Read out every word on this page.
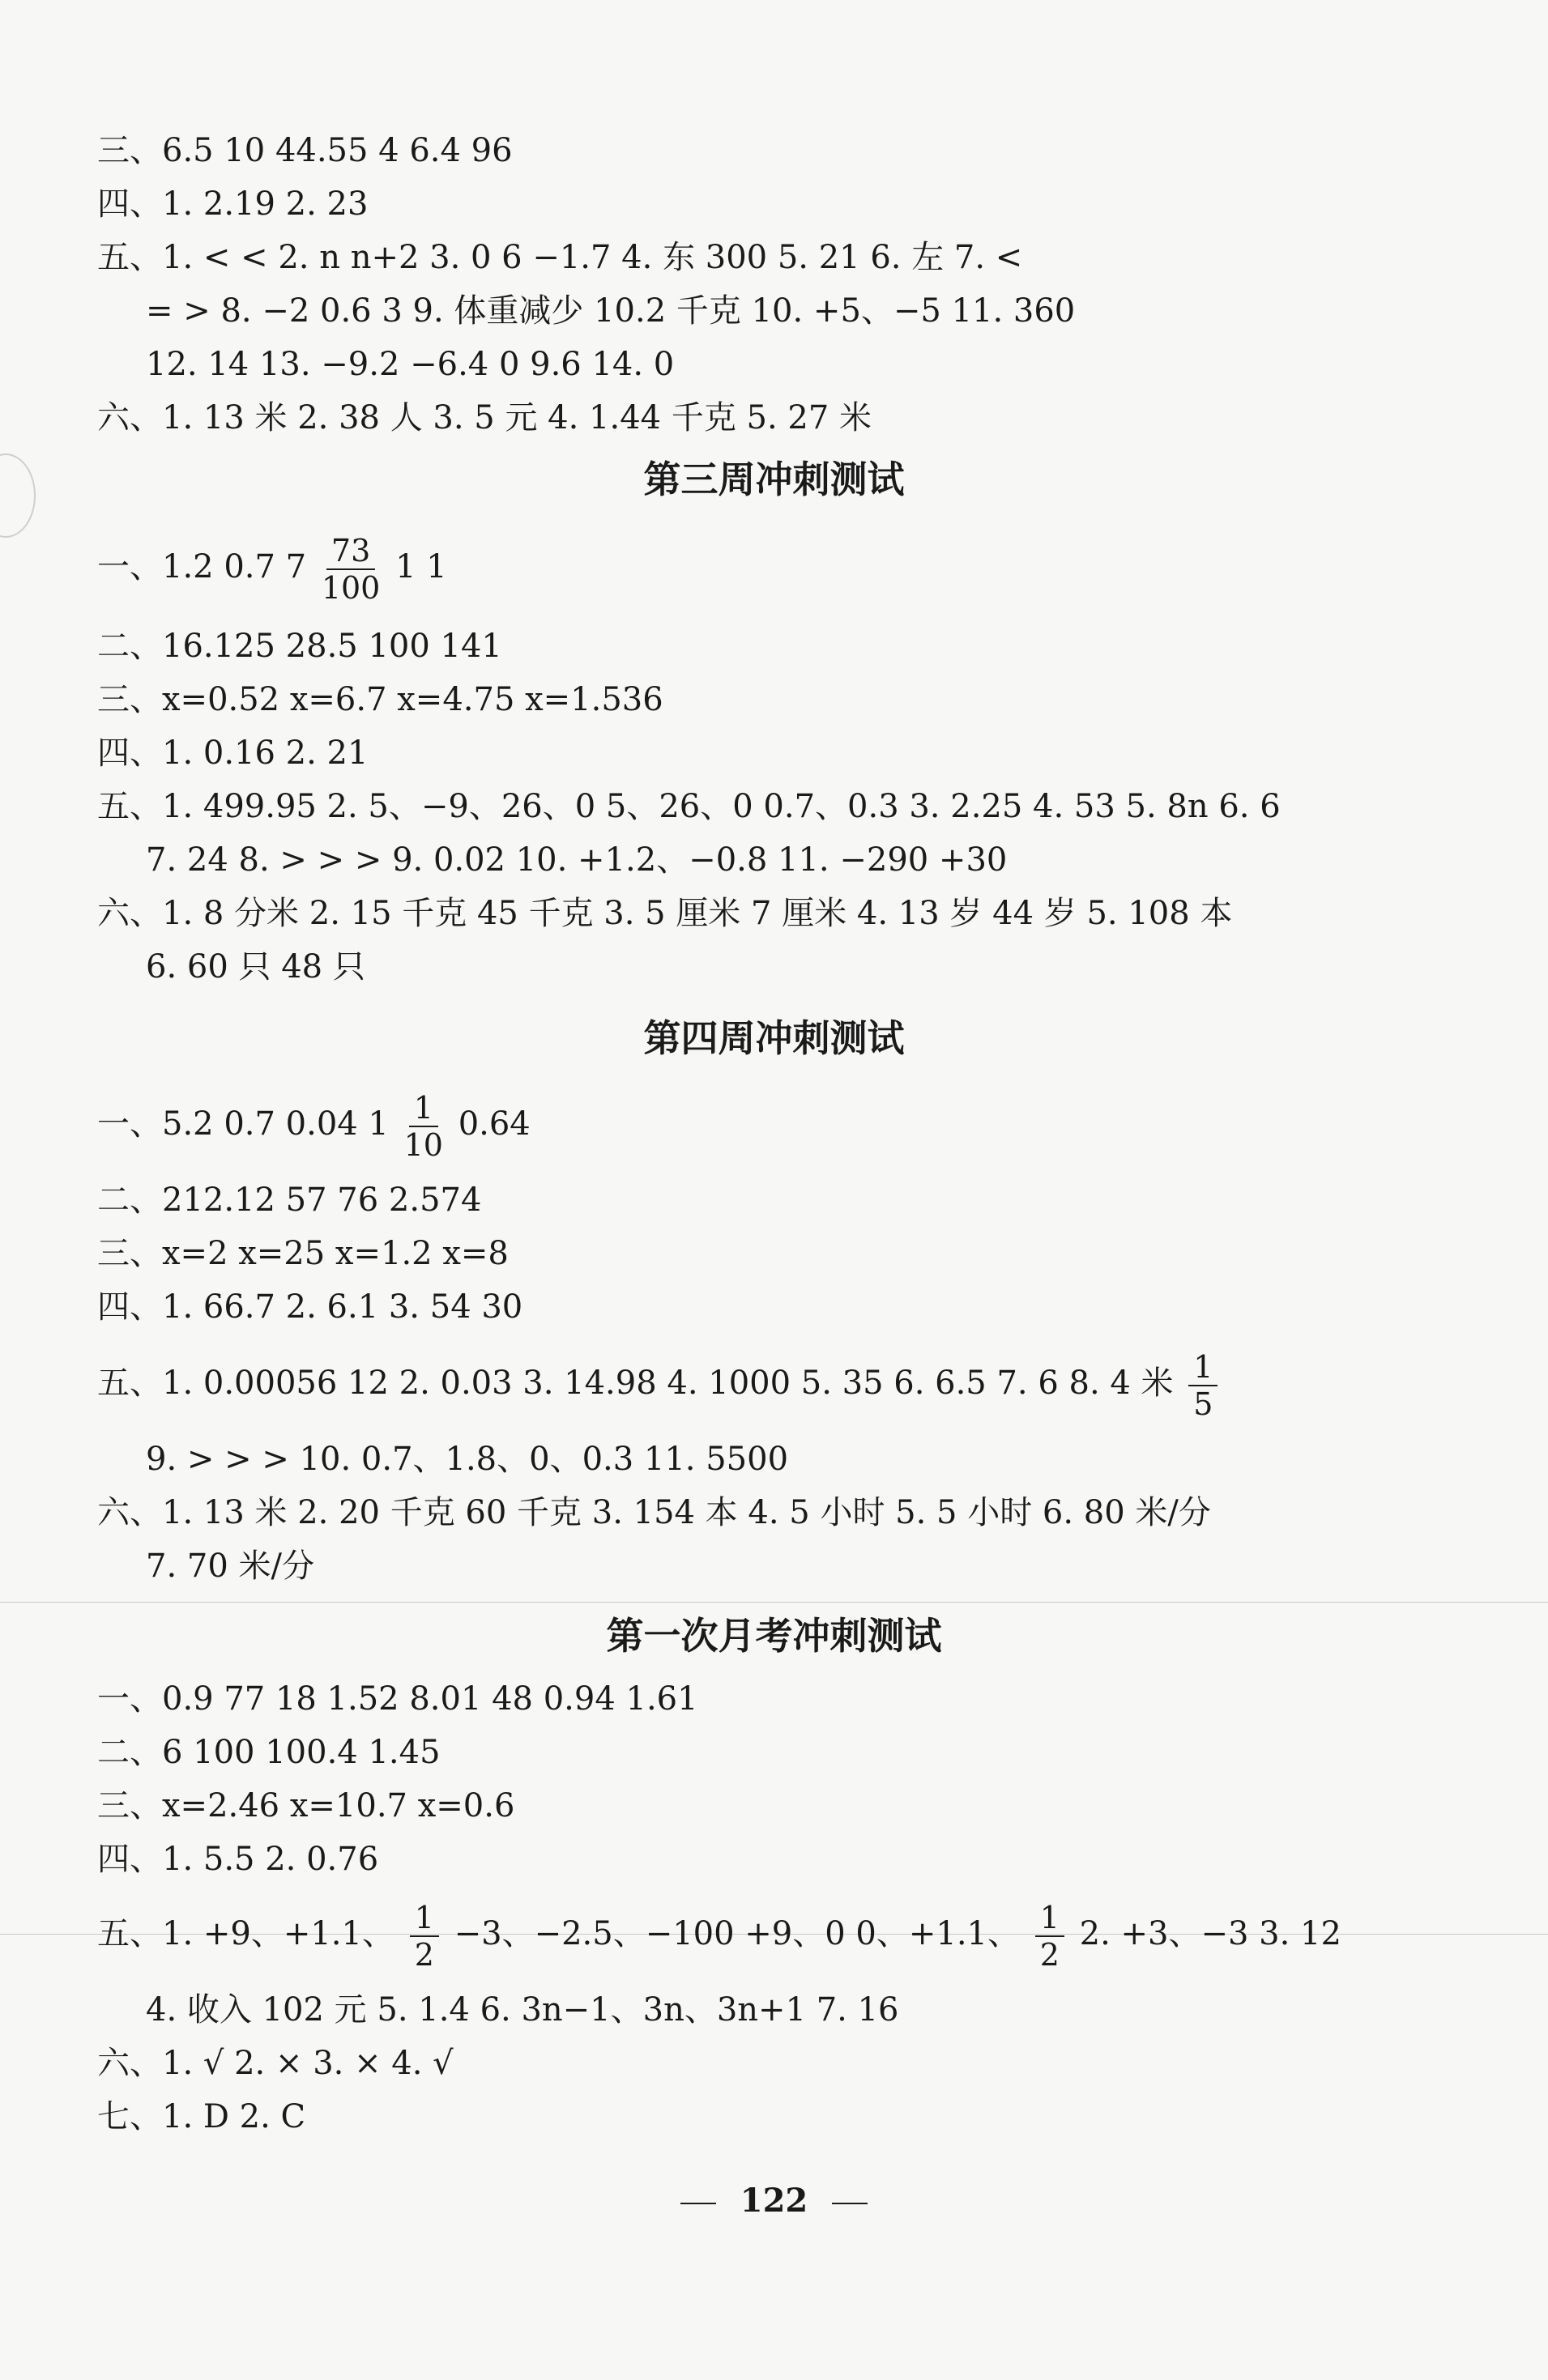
三、6.5 10 44.55 4 6.4 96
四、1. 2.19 2. 23
五、1. < < 2. n n+2 3. 0 6 −1.7 4. 东 300 5. 21 6. 左 7. <
= > 8. −2 0.6 3 9. 体重减少 10.2 千克 10. +5、−5 11. 360
12. 14 13. −9.2 −6.4 0 9.6 14. 0
六、1. 13 米 2. 38 人 3. 5 元 4. 1.44 千克 5. 27 米
第三周冲刺测试
一、1.2 0.7 $7 \frac{73}{100} 1$ 1
二、16.125 28.5 100 141
三、x=0.52 x=6.7 x=4.75 x=1.536
四、1. 0.16 2. 21
五、1. 499.95 2. 5、−9、26、0 5、26、0 0.7、0.3 3. 2.25 4. 53 5. 8n 6. 6
7. 24 8. > > > 9. 0.02 10. +1.2、−0.8 11. −290 +30
六、1. 8 分米 2. 15 千克 45 千克 3. 5 厘米 7 厘米 4. 13 岁 44 岁 5. 108 本
6. 60 只 48 只
第四周冲刺测试
一、5.2 0.7 0.04 $1 \frac{1}{10} 0.64$
二、212.12 57 76 2.574
三、x=2 x=25 x=1.2 x=8
四、1. 66.7 2. 6.1 3. 54 30
五、1. 0.00056 12 2. 0.03 3. 14.98 4. 1000 5. 35 6. 6.5 7. 6 8. 4 米 $\frac{1}{5}$
9. > > > 10. 0.7、1.8、0、0.3 11. 5500
六、1. 13 米 2. 20 千克 60 千克 3. 154 本 4. 5 小时 5. 5 小时 6. 80 米/分
7. 70 米/分
第一次月考冲刺测试
一、0.9 77 18 1.52 8.01 48 0.94 1.61
二、6 100 100.4 1.45
三、x=2.46 x=10.7 x=0.6
四、1. 5.5 2. 0.76
五、1. +9、+1.1、 $\frac{1}{2} -3$、−2.5、−100 +9、0 0、+1.1、 $\frac{1}{2} 2$. +3、−3 3. 12
4. 收入 102 元 5. 1.4 6. 3n−1、3n、3n+1 7. 16
六、1. √ 2. × 3. × 4. √
七、1. D 2. C
122
